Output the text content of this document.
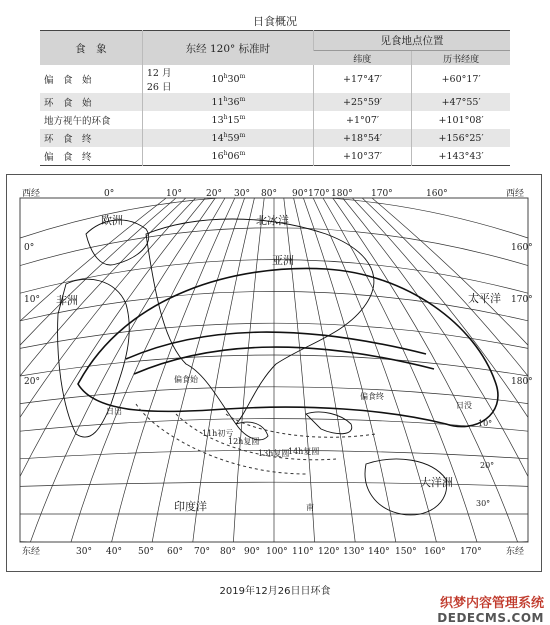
日食概况
食　象	东经 120° 标准时		见食地点位置	
			纬度	历书经度
偏　食　始	12 月 26 日	$10^h30^m$	+17°47′	+60°17′
环　食　始		$11^h36^m$	+25°59′	+47°55′
地方视午的环食		$13^h15^m$	+1°07′	+101°08′
环　食　终		$14^h59^m$	+18°54′	+156°25′
偏　食　终		$16^h06^m$	+10°37′	+143°43′
西经	0°	10°	20° 30° 80° 90° 170° 180° 170°	160°	西经
东经	30° 40° 50° 60° 70° 80° 90° 100° 110° 120° 130° 140° 150° 160° 170°	东经
0°
10°
20°
160°
170°
180°
欧洲	北冰洋
亚洲
非洲	太平洋
印度洋
大洋洲
偏食始
偏食终
11h初亏
12h复圆
13h复圆
14h复圆
日出
日没
南
10°
20°
30°
2019年12月26日日环食
织梦内容管理系统
DEDECMS.COM
